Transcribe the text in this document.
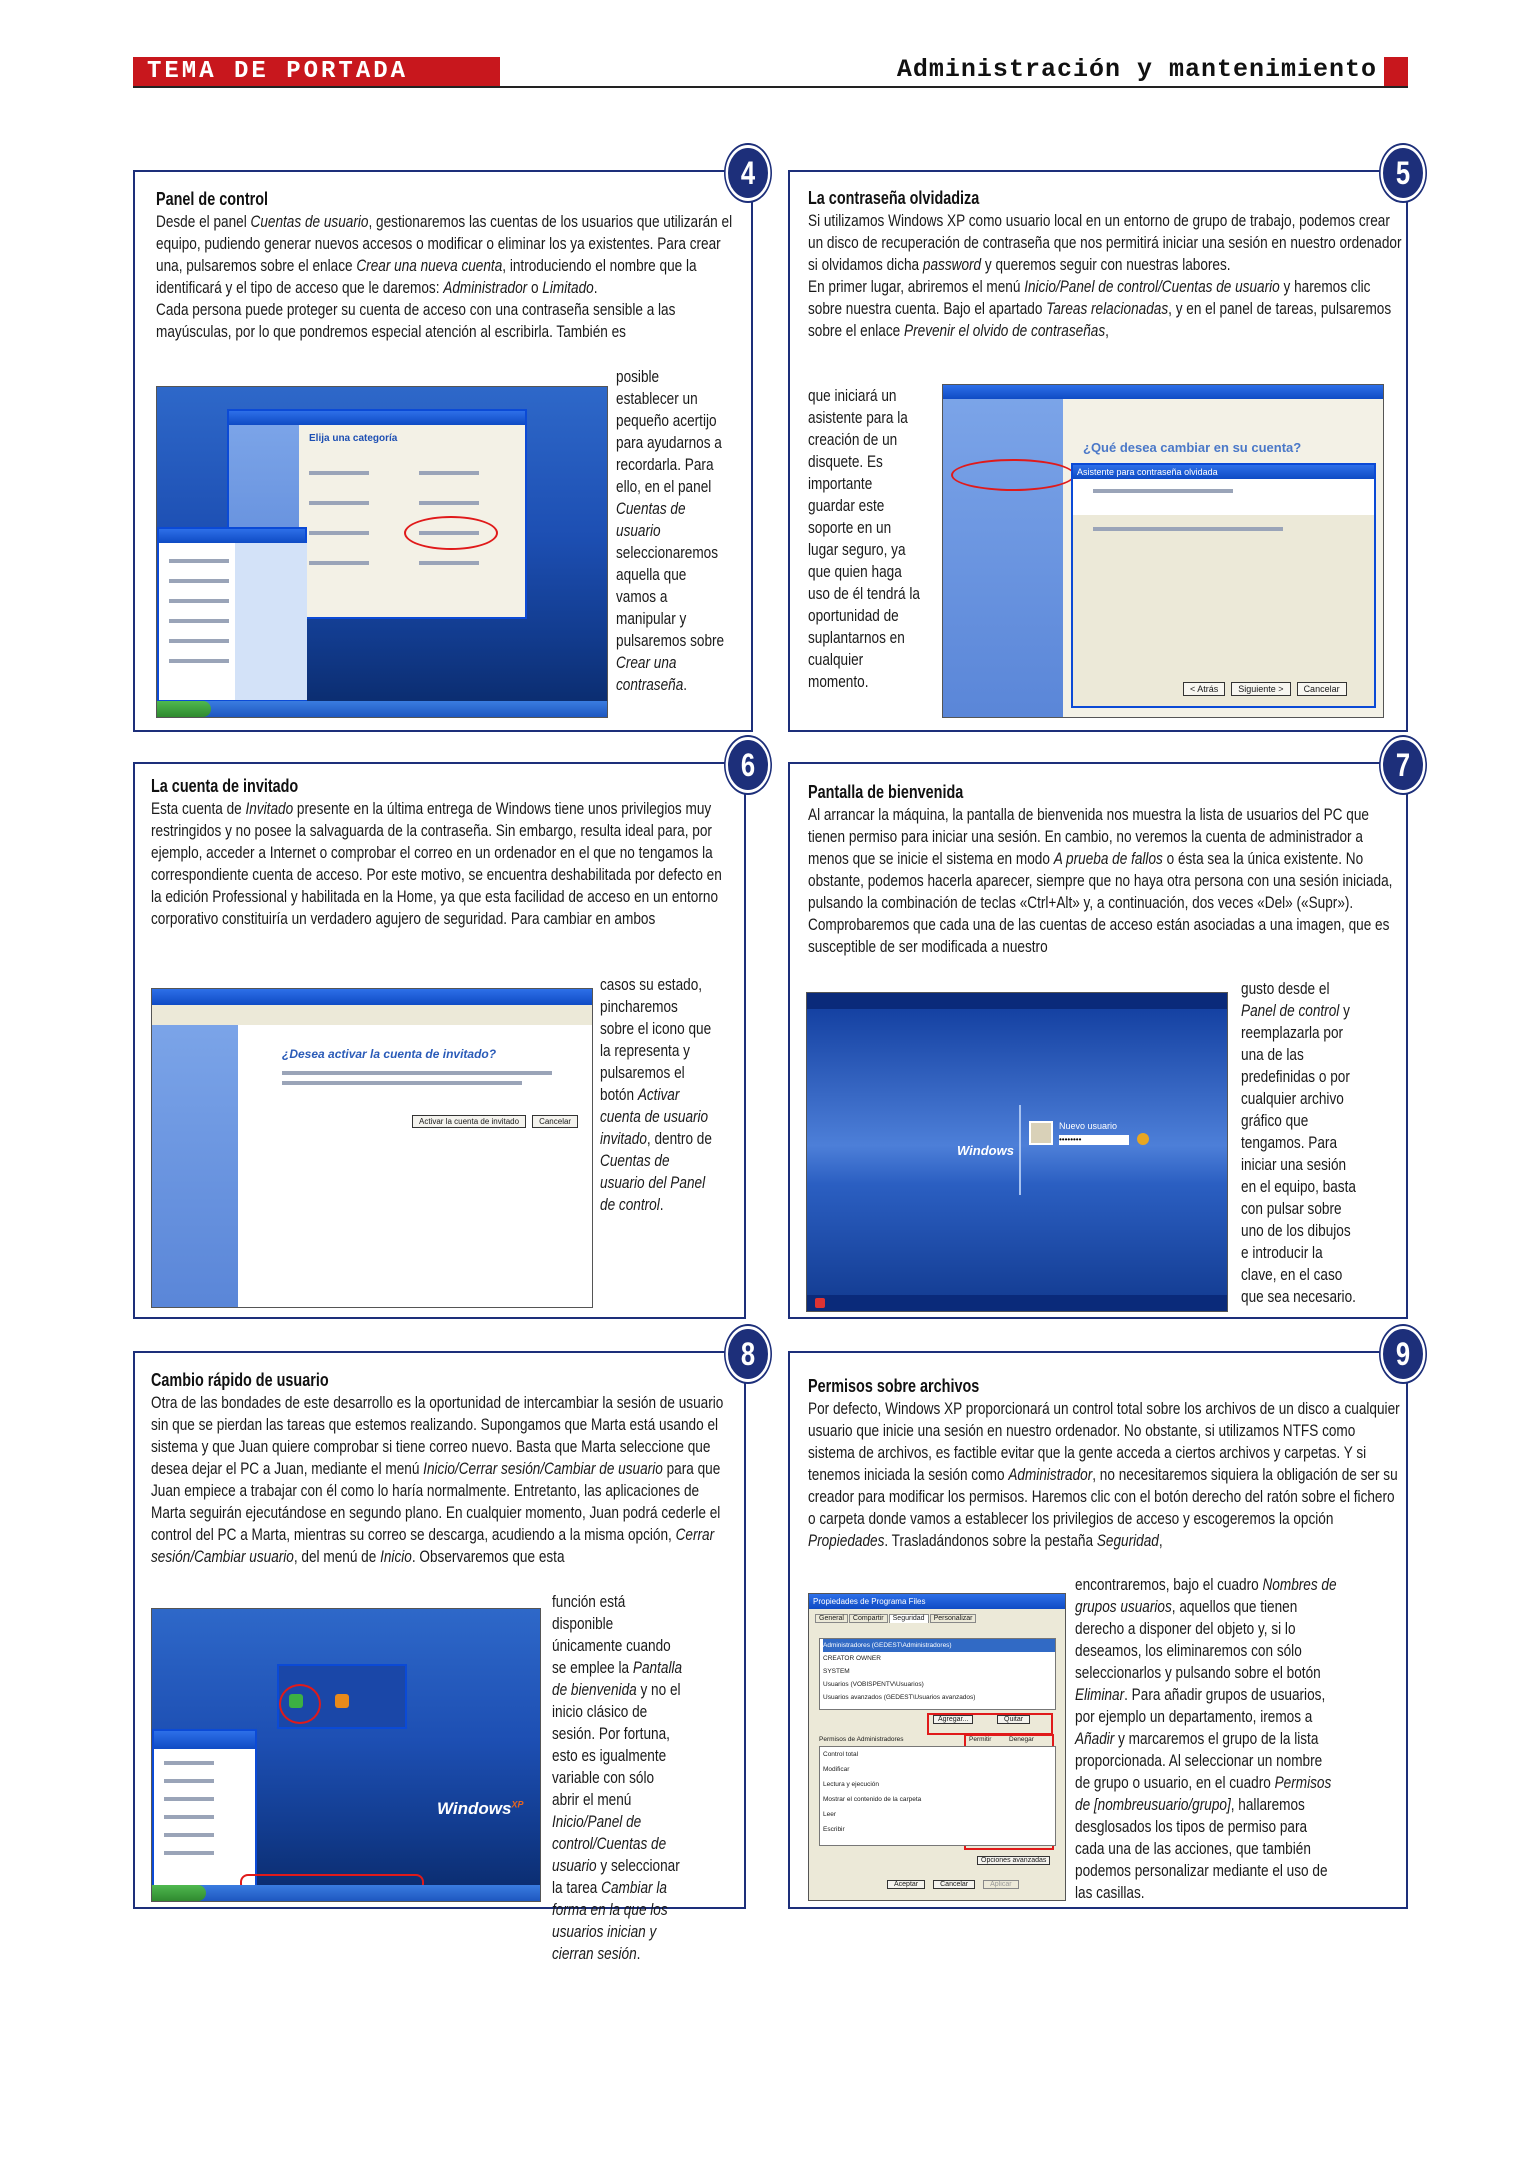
TEMA DE PORTADA	Administración y mantenimiento
Panel de control
Desde el panel Cuentas de usuario, gestionaremos las cuentas de los usuarios que utilizarán el equipo, pudiendo generar nuevos accesos o modificar o eliminar los ya existentes. Para crear una, pulsaremos sobre el enlace Crear una nueva cuenta, introduciendo el nombre que la identificará y el tipo de acceso que le daremos: Administrador o Limitado.
Cada persona puede proteger su cuenta de acceso con una contraseña sensible a las mayúsculas, por lo que pondremos especial atención al escribirla. También es
posible establecer un pequeño acertijo para ayudarnos a recordarla. Para ello, en el panel Cuentas de usuario seleccionaremos aquella que vamos a manipular y pulsaremos sobre Crear una contraseña.
Elija una categoría
4
La contraseña olvidadiza
Si utilizamos Windows XP como usuario local en un entorno de grupo de trabajo, podemos crear un disco de recuperación de contraseña que nos permitirá iniciar una sesión en nuestro ordenador si olvidamos dicha password y queremos seguir con nuestras labores.
En primer lugar, abriremos el menú Inicio/Panel de control/Cuentas de usuario y haremos clic sobre nuestra cuenta. Bajo el apartado Tareas relacionadas, y en el panel de tareas, pulsaremos sobre el enlace Prevenir el olvido de contraseñas,
que iniciará un asistente para la creación de un disquete. Es importante guardar este soporte en un lugar seguro, ya que quien haga uso de él tendrá la oportunidad de suplantarnos en cualquier momento.
¿Qué desea cambiar en su cuenta?
Asistente para contraseña olvidada
< Atrás	Siguiente >	Cancelar
5
La cuenta de invitado
Esta cuenta de Invitado presente en la última entrega de Windows tiene unos privilegios muy restringidos y no posee la salvaguarda de la contraseña. Sin embargo, resulta ideal para, por ejemplo, acceder a Internet o comprobar el correo en un ordenador en el que no tengamos la correspondiente cuenta de acceso. Por este motivo, se encuentra deshabilitada por defecto en la edición Professional y habilitada en la Home, ya que esta facilidad de acceso en un entorno corporativo constituiría un verdadero agujero de seguridad. Para cambiar en ambos
casos su estado, pincharemos sobre el icono que la representa y pulsaremos el botón Activar cuenta de usuario invitado, dentro de Cuentas de usuario del Panel de control.
¿Desea activar la cuenta de invitado?
Activar la cuenta de invitado	Cancelar
6
Pantalla de bienvenida
Al arrancar la máquina, la pantalla de bienvenida nos muestra la lista de usuarios del PC que tienen permiso para iniciar una sesión. En cambio, no veremos la cuenta de administrador a menos que se inicie el sistema en modo A prueba de fallos o ésta sea la única existente. No obstante, podemos hacerla aparecer, siempre que no haya otra persona con una sesión iniciada, pulsando la combinación de teclas «Ctrl+Alt» y, a continuación, dos veces «Del» («Supr»). Comprobaremos que cada una de las cuentas de acceso están asociadas a una imagen, que es susceptible de ser modificada a nuestro
gusto desde el Panel de control y reemplazarla por una de las predefinidas o por cualquier archivo gráfico que tengamos. Para iniciar una sesión en el equipo, basta con pulsar sobre uno de los dibujos e introducir la clave, en el caso que sea necesario.
Windows
Nuevo usuario
••••••••
7
Cambio rápido de usuario
Otra de las bondades de este desarrollo es la oportunidad de intercambiar la sesión de usuario sin que se pierdan las tareas que estemos realizando. Supongamos que Marta está usando el sistema y que Juan quiere comprobar si tiene correo nuevo. Basta que Marta seleccione que desea dejar el PC a Juan, mediante el menú Inicio/Cerrar sesión/Cambiar de usuario para que Juan empiece a trabajar con él como lo haría normalmente. Entretanto, las aplicaciones de Marta seguirán ejecutándose en segundo plano. En cualquier momento, Juan podrá cederle el control del PC a Marta, mientras su correo se descarga, acudiendo a la misma opción, Cerrar sesión/Cambiar usuario, del menú de Inicio. Observaremos que esta
función está disponible únicamente cuando se emplee la Pantalla de bienvenida y no el inicio clásico de sesión. Por fortuna, esto es igualmente variable con sólo abrir el menú Inicio/Panel de control/Cuentas de usuario y seleccionar la tarea Cambiar la forma en la que los usuarios inician y cierran sesión.
Windows$^{XP}$
8
Permisos sobre archivos
Por defecto, Windows XP proporcionará un control total sobre los archivos de un disco a cualquier usuario que inicie una sesión en nuestro ordenador. No obstante, si utilizamos NTFS como sistema de archivos, es factible evitar que la gente acceda a ciertos archivos y carpetas. Y si tenemos iniciada la sesión como Administrador, no necesitaremos siquiera la obligación de ser su creador para modificar los permisos. Haremos clic con el botón derecho del ratón sobre el fichero o carpeta donde vamos a establecer los privilegios de acceso y escogeremos la opción Propiedades. Trasladándonos sobre la pestaña Seguridad,
encontraremos, bajo el cuadro Nombres de grupos usuarios, aquellos que tienen derecho a disponer del objeto y, si lo deseamos, los eliminaremos con sólo seleccionarlos y pulsando sobre el botón Eliminar. Para añadir grupos de usuarios, por ejemplo un departamento, iremos a Añadir y marcaremos el grupo de la lista proporcionada. Al seleccionar un nombre de grupo o usuario, en el cuadro Permisos de [nombreusuario/grupo], hallaremos desglosados los tipos de permiso para cada una de las acciones, que también podemos personalizar mediante el uso de las casillas.
Propiedades de Programa Files
General	Compartir	Seguridad	Personalizar
Administradores (GEDEST\Administradores)
CREATOR OWNER
SYSTEM
Usuarios (VOBISPENTV\Usuarios)
Usuarios avanzados (GEDEST\Usuarios avanzados)
Agregar...	Quitar
Permisos de Administradores	Permitir	Denegar
Control total
Modificar
Lectura y ejecución
Mostrar el contenido de la carpeta
Leer
Escribir
Opciones avanzadas
Aceptar	Cancelar	Aplicar
9
